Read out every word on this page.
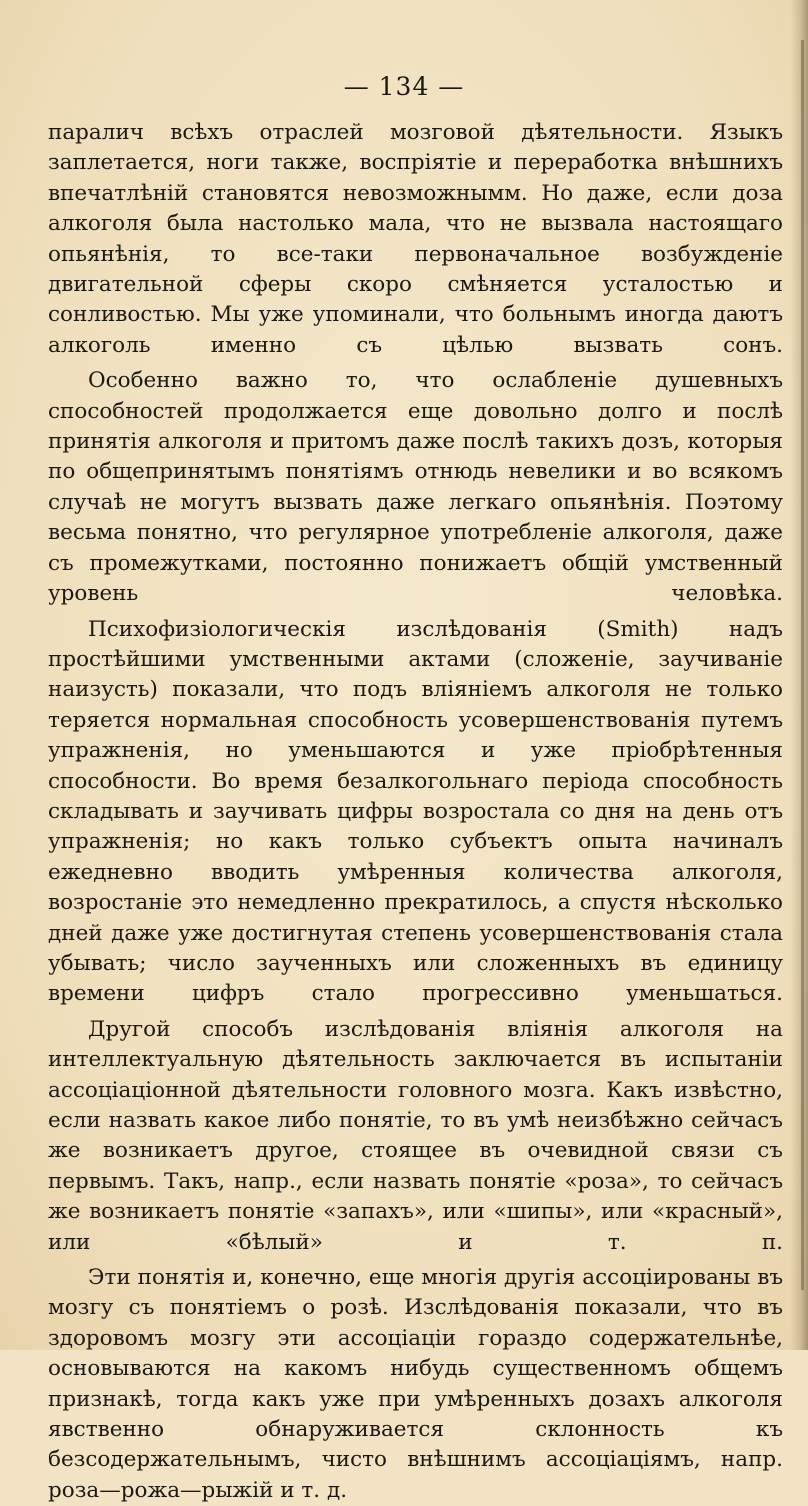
— 134 —

паралич всѣхъ отраслей мозговой дѣятельности. Языкъ заплетается, ноги также, воспріятіе и переработка внѣшнихъ впечатлѣній становятся невозможнымм. Но даже, если доза алкоголя была настолько мала, что не вызвала настоящаго опьянѣнія, то все-таки первоначальное возбужденіе двигательной сферы скоро смѣняется усталостью и сонливостью. Мы уже упоминали, что больнымъ иногда даютъ алкоголь именно съ цѣлью вызвать сонъ.

Особенно важно то, что ослабленіе душевныхъ способностей продолжается еще довольно долго и послѣ принятія алкоголя и притомъ даже послѣ такихъ дозъ, которыя по общепринятымъ понятіямъ отнюдь невелики и во всякомъ случаѣ не могутъ вызвать даже легкаго опьянѣнія. Поэтому весьма понятно, что регулярное употребленіе алкоголя, даже съ промежутками, постоянно понижаетъ общій умственный уровень человѣка.

Психофизіологическія изслѣдованія (Smith) надъ простѣйшими умственными актами (сложеніе, заучиваніе наизусть) показали, что подъ вліяніемъ алкоголя не только теряется нормальная способность усовершенствованія путемъ упражненія, но уменьшаются и уже пріобрѣтенныя способности. Во время безалкогольнаго періода способность складывать и заучивать цифры возростала со дня на день отъ упражненія; но какъ только субъектъ опыта начиналъ ежедневно вводить умѣренныя количества алкоголя, возростаніе это немедленно прекратилось, а спустя нѣсколько дней даже уже достигнутая степень усовершенствованія стала убывать; число заученныхъ или сложенныхъ въ единицу времени цифръ стало прогрессивно уменьшаться.

Другой способъ изслѣдованія вліянія алкоголя на интеллектуальную дѣятельность заключается въ испытаніи ассоціаціонной дѣятельности головного мозга. Какъ извѣстно, если назвать какое либо понятіе, то въ умѣ неизбѣжно сейчасъ же возникаетъ другое, стоящее въ очевидной связи съ первымъ. Такъ, напр., если назвать понятіе «роза», то сейчасъ же возникаетъ понятіе «запахъ», или «шипы», или «красный», или «бѣлый» и т. п.

Эти понятія и, конечно, еще многія другія ассоціированы въ мозгу съ понятіемъ о розѣ. Изслѣдованія показали, что въ здоровомъ мозгу эти ассоціаціи гораздо содержательнѣе, основываются на какомъ нибудь существенномъ общемъ признакѣ, тогда какъ уже при умѣренныхъ дозахъ алкоголя явственно обнаруживается склонность къ безсодержательнымъ, чисто внѣшнимъ ассоціаціямъ, напр. роза—рожа—рыжій и т. д.
